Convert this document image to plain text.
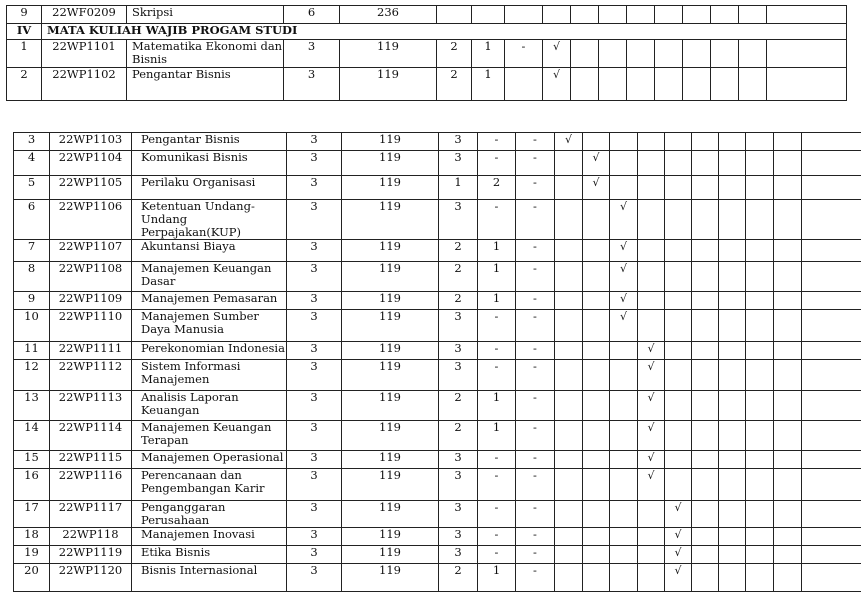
9	22WF0209	Skripsi	6	236												
IV	MATA KULIAH WAJIB PROGAM STUDI															
1	22WP1101	Matematika Ekonomi dan Bisnis	3	119	2	1	-	√								
2	22WP1102	Pengantar Bisnis	3	119	2	1		√								
3	22WP1103	Pengantar Bisnis	3	119	3	-	-	√									
4	22WP1104	Komunikasi Bisnis	3	119	3	-	-		√								
5	22WP1105	Perilaku Organisasi	3	119	1	2	-		√								
6	22WP1106	Ketentuan Undang-Undang Perpajakan(KUP)	3	119	3	-	-			√							
7	22WP1107	Akuntansi Biaya	3	119	2	1	-			√							
8	22WP1108	Manajemen Keuangan Dasar	3	119	2	1	-			√							
9	22WP1109	Manajemen Pemasaran	3	119	2	1	-			√							
10	22WP1110	Manajemen Sumber Daya Manusia	3	119	3	-	-			√							
11	22WP1111	Perekonomian Indonesia	3	119	3	-	-				√						
12	22WP1112	Sistem Informasi Manajemen	3	119	3	-	-				√						
13	22WP1113	Analisis Laporan Keuangan	3	119	2	1	-				√						
14	22WP1114	Manajemen Keuangan Terapan	3	119	2	1	-				√						
15	22WP1115	Manajemen Operasional	3	119	3	-	-				√						
16	22WP1116	Perencanaan dan Pengembangan Karir	3	119	3	-	-				√						
17	22WP1117	Penganggaran Perusahaan	3	119	3	-	-					√					
18	22WP118	Manajemen Inovasi	3	119	3	-	-					√					
19	22WP1119	Etika Bisnis	3	119	3	-	-					√					
20	22WP1120	Bisnis Internasional	3	119	2	1	-					√					
